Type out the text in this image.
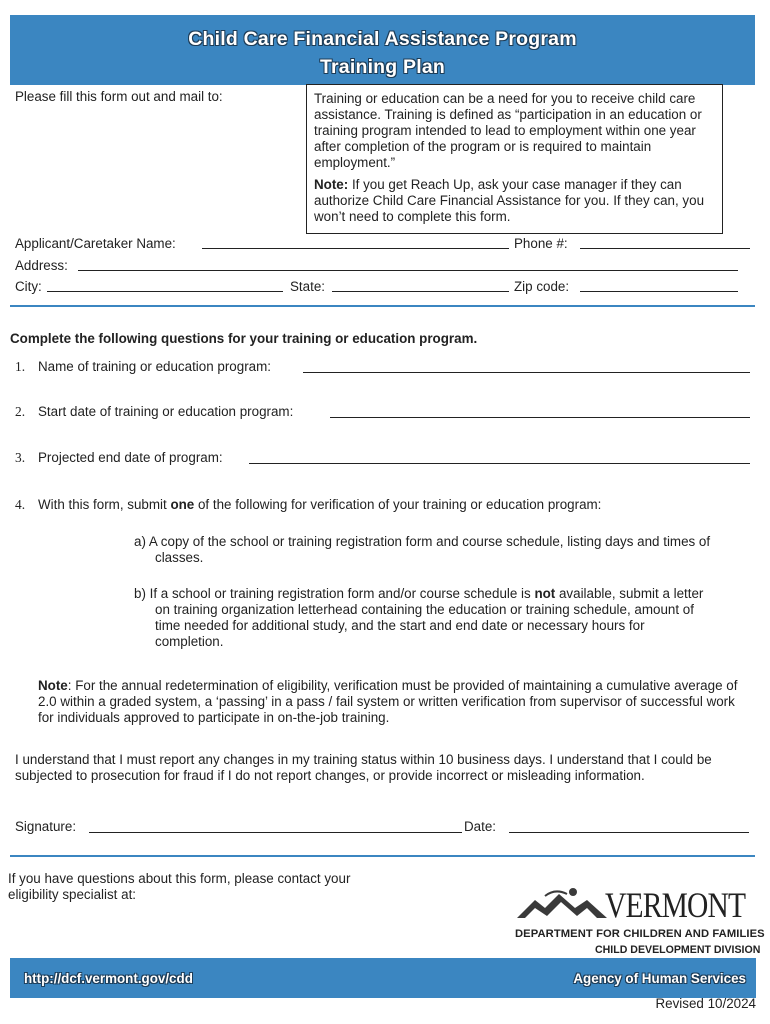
Child Care Financial Assistance Program
Training Plan
Please fill this form out and mail to:	Training or education can be a need for you to receive child care assistance. Training is defined as “participation in an education or training program intended to lead to employment within one year after completion of the program or is required to maintain employment.”
Note: If you get Reach Up, ask your case manager if they can authorize Child Care Financial Assistance for you. If they can, you won’t need to complete this form.
Applicant/Caretaker Name:	Phone #:
Address:
City:	State:	Zip code:
Complete the following questions for your training or education program.
1. Name of training or education program:
2. Start date of training or education program:
3. Projected end date of program:
4. With this form, submit one of the following for verification of your training or education program:
a) A copy of the school or training registration form and course schedule, listing days and times of classes.
b) If a school or training registration form and/or course schedule is not available, submit a letter on training organization letterhead containing the education or training schedule, amount of time needed for additional study, and the start and end date or necessary hours for completion.
Note: For the annual redetermination of eligibility, verification must be provided of maintaining a cumulative average of 2.0 within a graded system, a ‘passing’ in a pass / fail system or written verification from supervisor of successful work for individuals approved to participate in on-the-job training.
I understand that I must report any changes in my training status within 10 business days. I understand that I could be subjected to prosecution for fraud if I do not report changes, or provide incorrect or misleading information.
Signature:	Date:
If you have questions about this form, please contact your eligibility specialist at:	VERMONT
DEPARTMENT FOR CHILDREN AND FAMILIES
CHILD DEVELOPMENT DIVISION
http://dcf.vermont.gov/cdd	Agency of Human Services
Revised 10/2024
